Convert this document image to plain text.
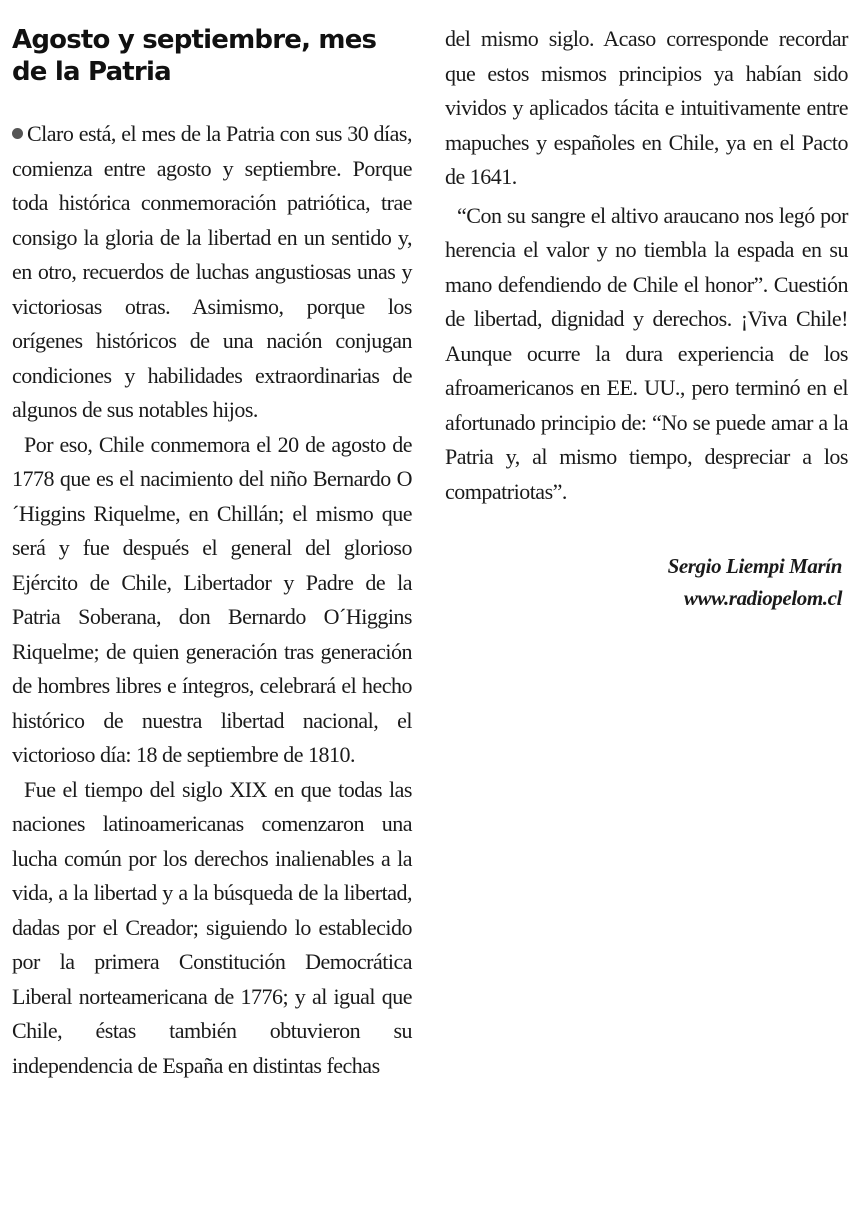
Agosto y septiembre, mes de la Patria

Claro está, el mes de la Patria con sus 30 días, comienza entre agosto y septiembre. Porque toda histórica conmemoración patriótica, trae consigo la gloria de la libertad en un sentido y, en otro, recuerdos de luchas angustiosas unas y victoriosas otras. Asimismo, porque los orígenes históricos de una nación conjugan condiciones y habilidades extraordinarias de algunos de sus notables hijos.

Por eso, Chile conmemora el 20 de agosto de 1778 que es el nacimiento del niño Bernardo O´Higgins Riquelme, en Chillán; el mismo que será y fue después el general del glorioso Ejército de Chile, Libertador y Padre de la Patria Soberana, don Bernardo O´Higgins Riquelme; de quien generación tras generación de hombres libres e íntegros, celebrará el hecho histórico de nuestra libertad nacional, el victorioso día: 18 de septiembre de 1810.

Fue el tiempo del siglo XIX en que todas las naciones latinoamericanas comenzaron una lucha común por los derechos inalienables a la vida, a la libertad y a la búsqueda de la libertad, dadas por el Creador; siguiendo lo establecido por la primera Constitución Democrática Liberal norteamericana de 1776; y al igual que Chile, éstas también obtuvieron su independencia de España en distintas fechas

del mismo siglo. Acaso corresponde recordar que estos mismos principios ya habían sido vividos y aplicados tácita e intuitivamente entre mapuches y españoles en Chile, ya en el Pacto de 1641.

“Con su sangre el altivo araucano nos legó por herencia el valor y no tiembla la espada en su mano defendiendo de Chile el honor”. Cuestión de libertad, dignidad y derechos. ¡Viva Chile! Aunque ocurre la dura experiencia de los afroamericanos en EE. UU., pero terminó en el afortunado principio de: “No se puede amar a la Patria y, al mismo tiempo, despreciar a los compatriotas”.

Sergio Liempi Marín
www.radiopelom.cl
